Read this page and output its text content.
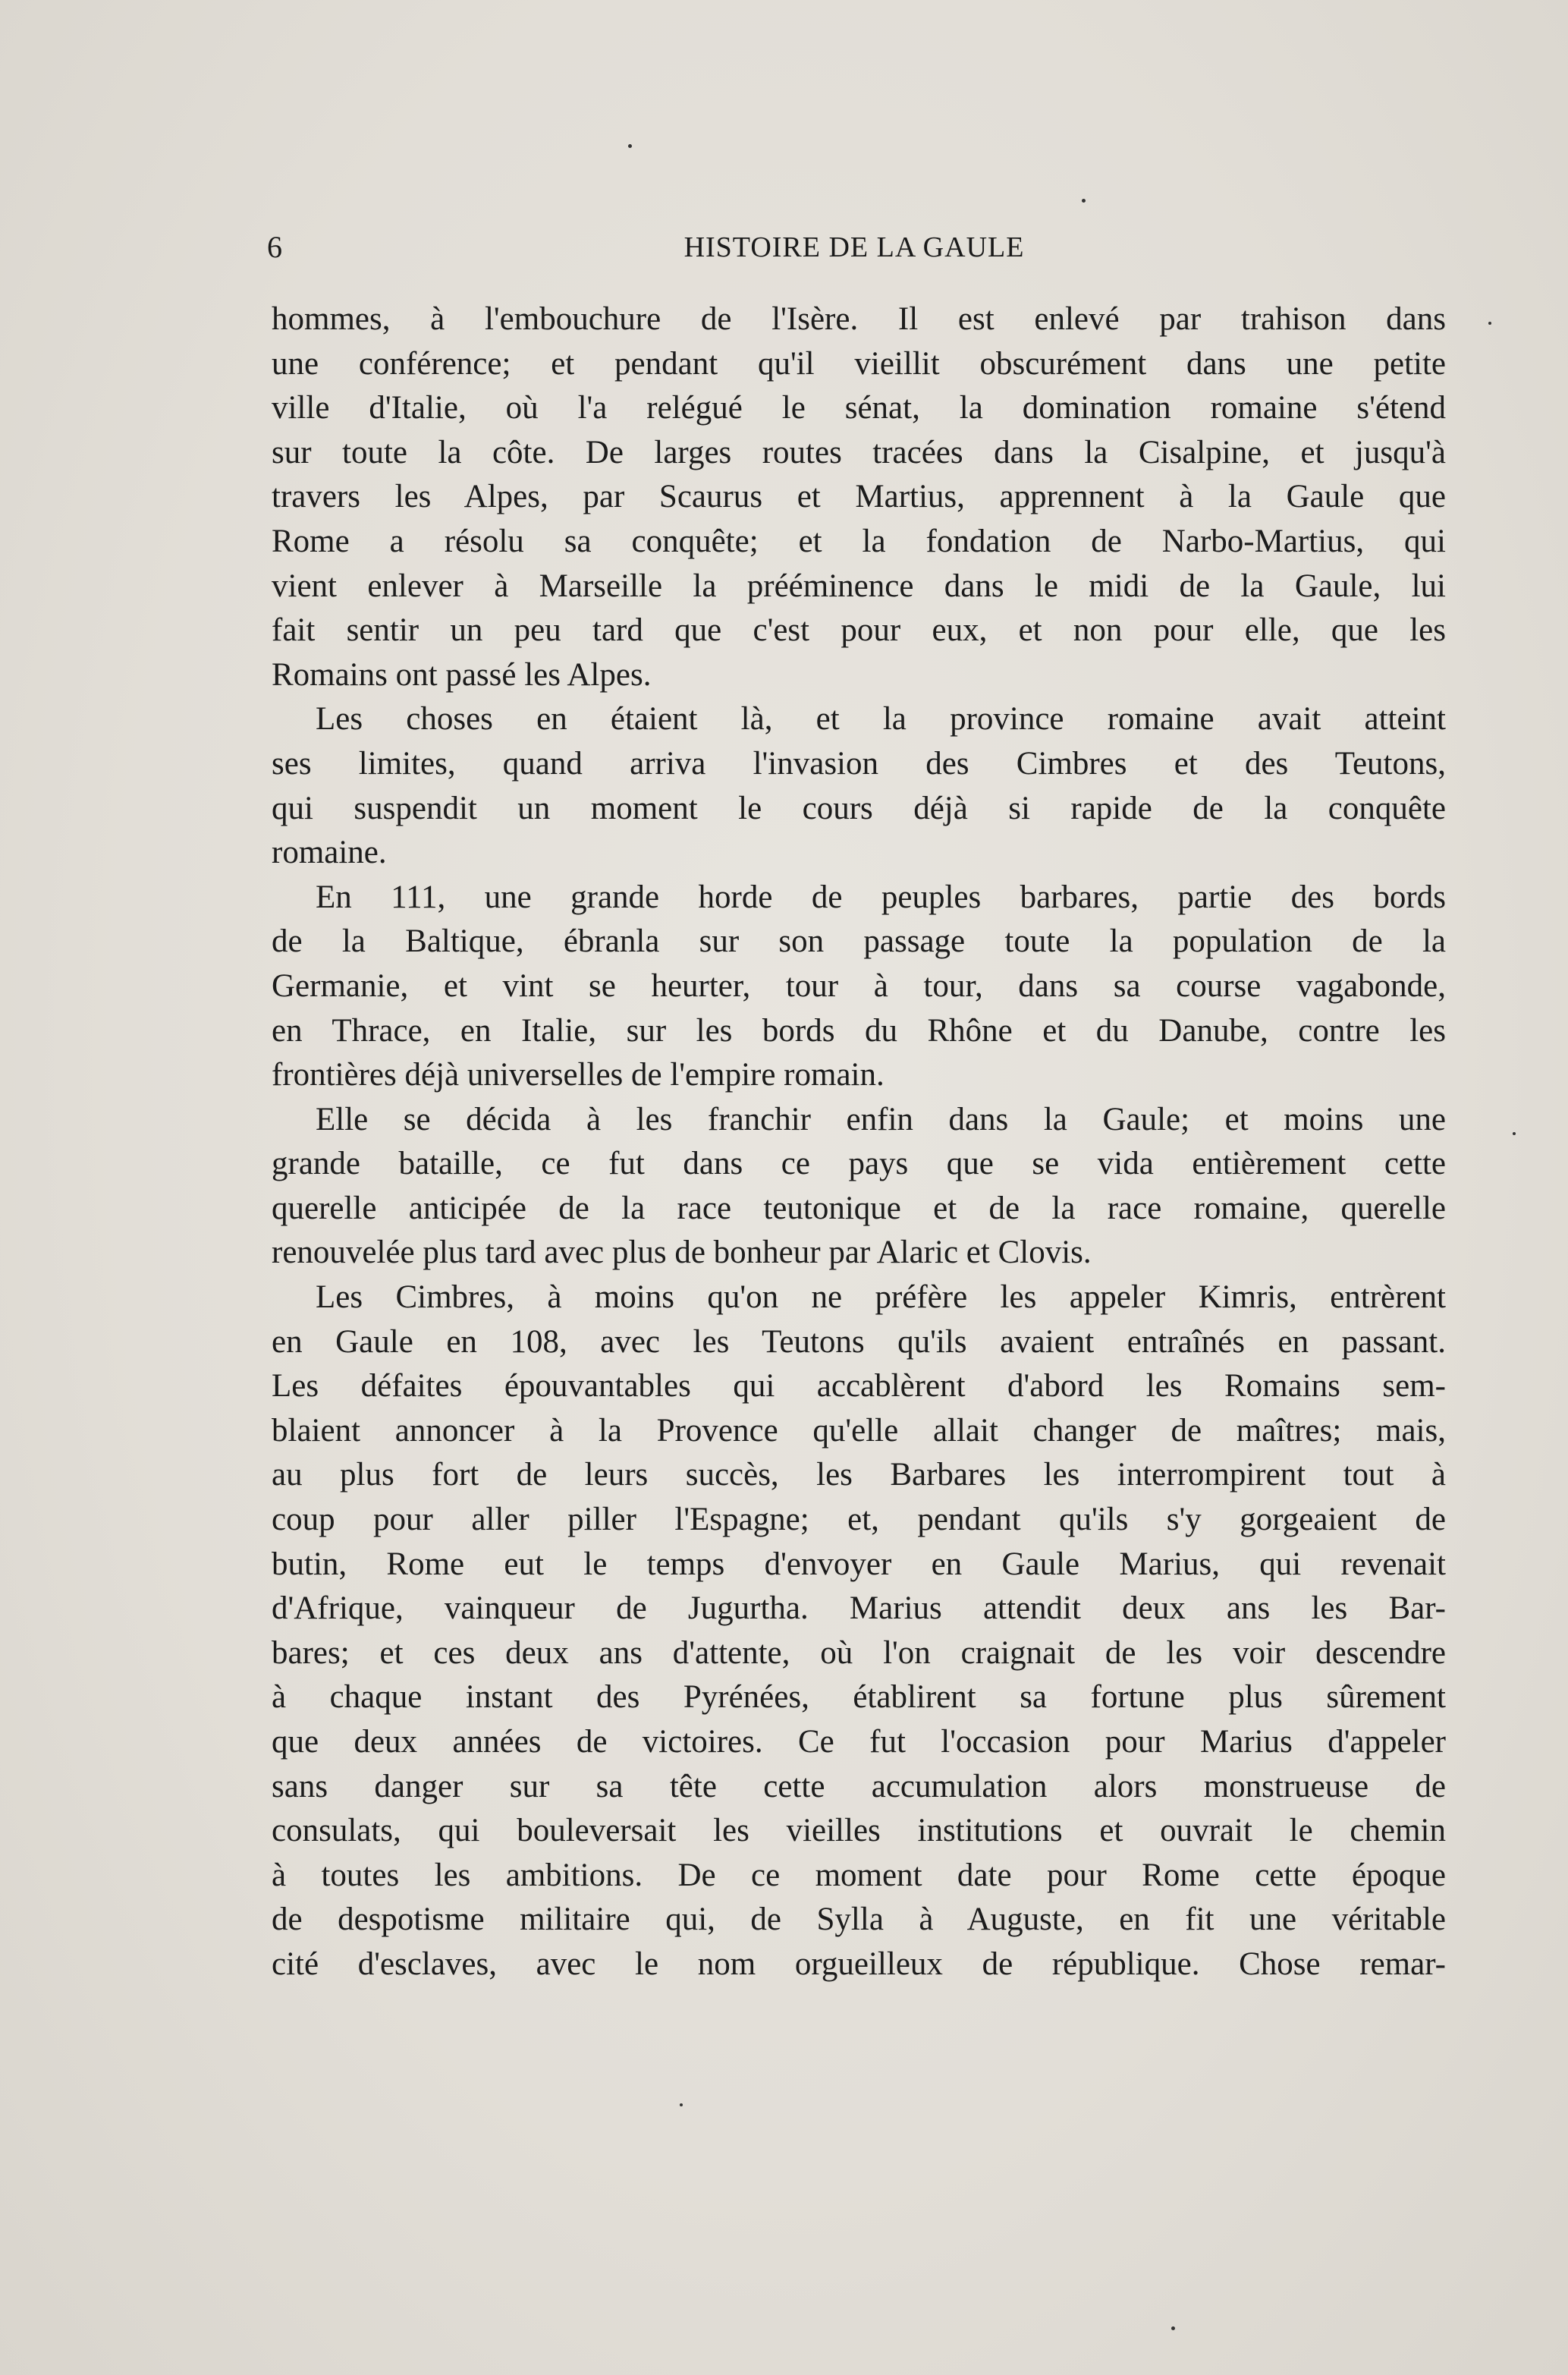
6	HISTOIRE DE LA GAULE

hommes, à l'embouchure de l'Isère. Il est enlevé par trahison dans
une conférence; et pendant qu'il vieillit obscurément dans une petite
ville d'Italie, où l'a relégué le sénat, la domination romaine s'étend
sur toute la côte. De larges routes tracées dans la Cisalpine, et jusqu'à
travers les Alpes, par Scaurus et Martius, apprennent à la Gaule que
Rome a résolu sa conquête; et la fondation de Narbo-Martius, qui
vient enlever à Marseille la prééminence dans le midi de la Gaule, lui
fait sentir un peu tard que c'est pour eux, et non pour elle, que les
Romains ont passé les Alpes.

Les choses en étaient là, et la province romaine avait atteint
ses limites, quand arriva l'invasion des Cimbres et des Teutons,
qui suspendit un moment le cours déjà si rapide de la conquête
romaine.

En 111, une grande horde de peuples barbares, partie des bords
de la Baltique, ébranla sur son passage toute la population de la
Germanie, et vint se heurter, tour à tour, dans sa course vagabonde,
en Thrace, en Italie, sur les bords du Rhône et du Danube, contre les
frontières déjà universelles de l'empire romain.

Elle se décida à les franchir enfin dans la Gaule; et moins une
grande bataille, ce fut dans ce pays que se vida entièrement cette
querelle anticipée de la race teutonique et de la race romaine, querelle
renouvelée plus tard avec plus de bonheur par Alaric et Clovis.

Les Cimbres, à moins qu'on ne préfère les appeler Kimris, entrèrent
en Gaule en 108, avec les Teutons qu'ils avaient entraînés en passant.
Les défaites épouvantables qui accablèrent d'abord les Romains sem-
blaient annoncer à la Provence qu'elle allait changer de maîtres; mais,
au plus fort de leurs succès, les Barbares les interrompirent tout à
coup pour aller piller l'Espagne; et, pendant qu'ils s'y gorgeaient de
butin, Rome eut le temps d'envoyer en Gaule Marius, qui revenait
d'Afrique, vainqueur de Jugurtha. Marius attendit deux ans les Bar-
bares; et ces deux ans d'attente, où l'on craignait de les voir descendre
à chaque instant des Pyrénées, établirent sa fortune plus sûrement
que deux années de victoires. Ce fut l'occasion pour Marius d'appeler
sans danger sur sa tête cette accumulation alors monstrueuse de
consulats, qui bouleversait les vieilles institutions et ouvrait le chemin
à toutes les ambitions. De ce moment date pour Rome cette époque
de despotisme militaire qui, de Sylla à Auguste, en fit une véritable
cité d'esclaves, avec le nom orgueilleux de république. Chose remar-
